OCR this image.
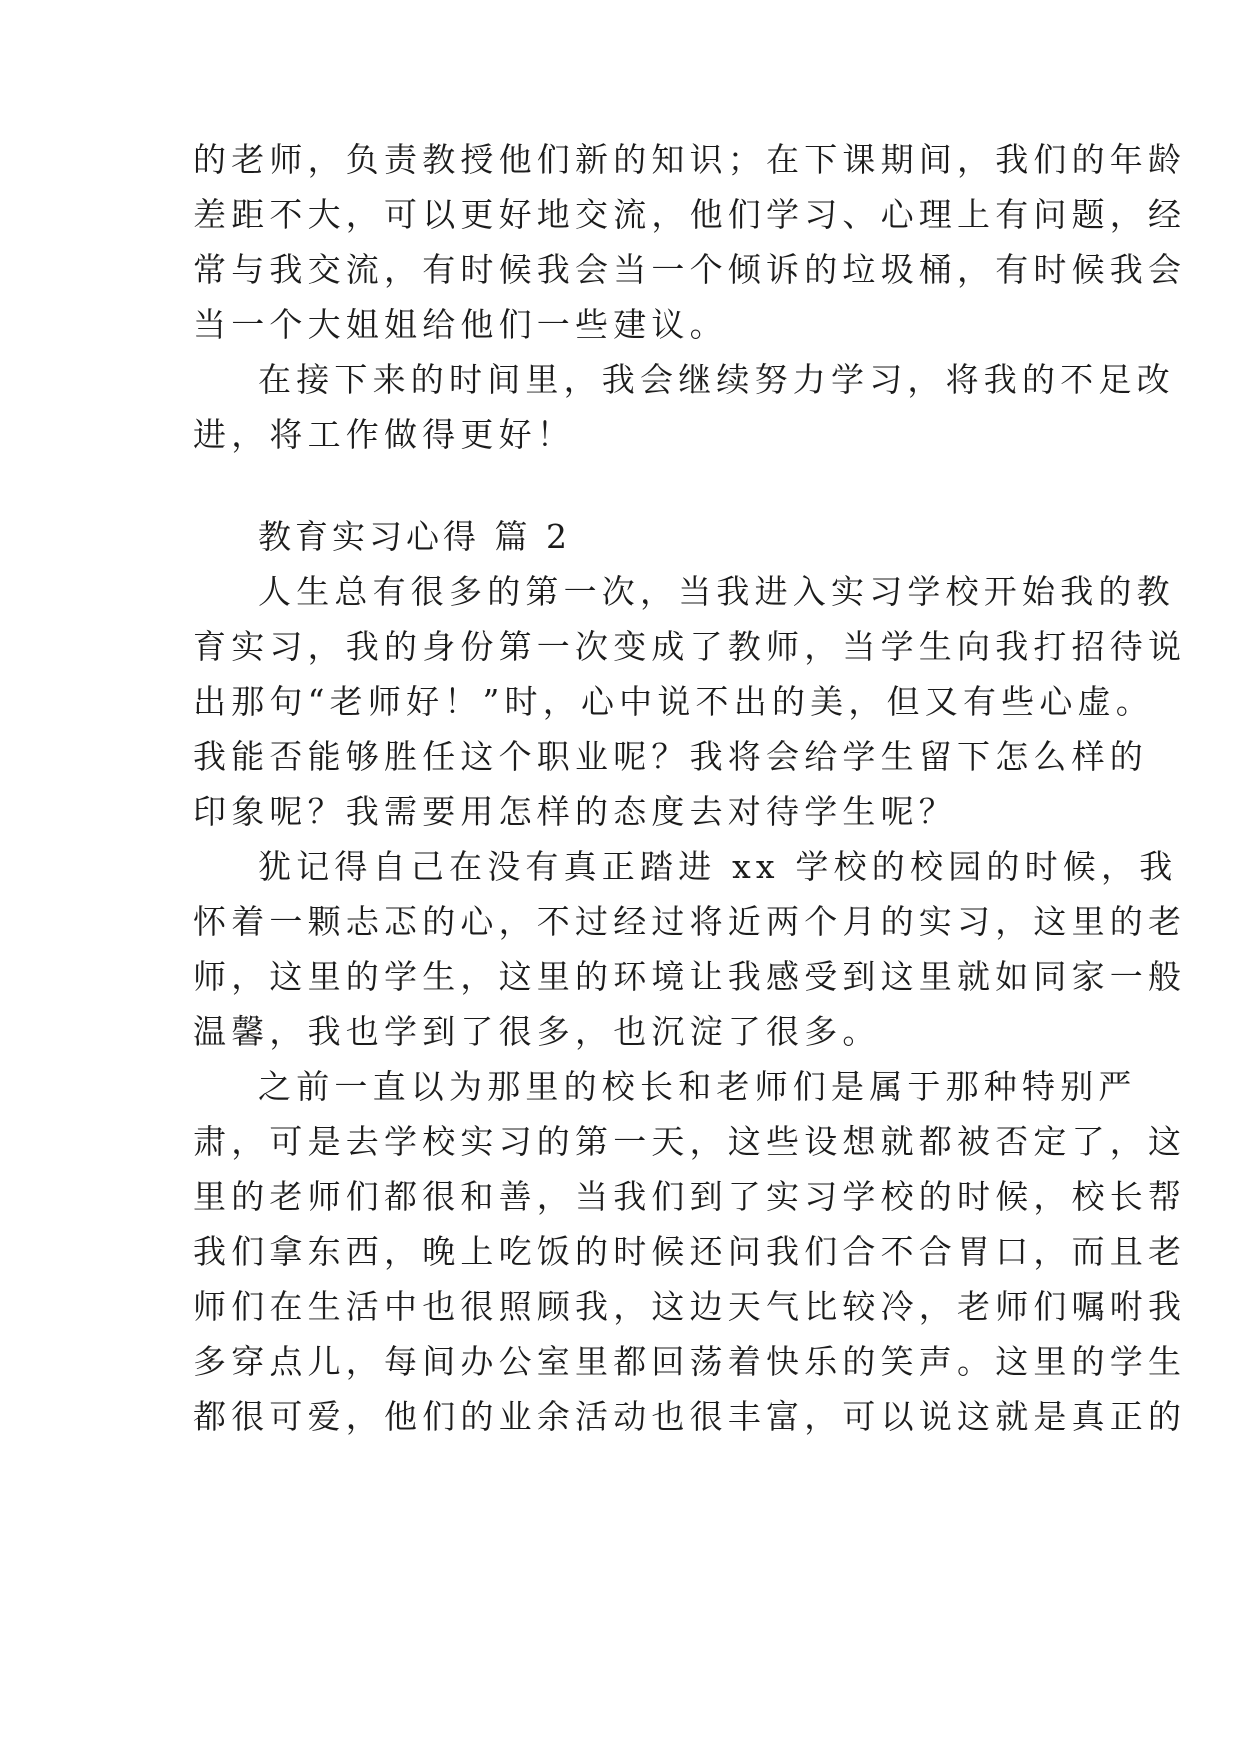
的老师，负责教授他们新的知识；在下课期间，我们的年龄
差距不大，可以更好地交流，他们学习、心理上有问题，经
常与我交流，有时候我会当一个倾诉的垃圾桶，有时候我会
当一个大姐姐给他们一些建议。
在接下来的时间里，我会继续努力学习，将我的不足改
进，将工作做得更好！
教育实习心得 篇 2
人生总有很多的第一次，当我进入实习学校开始我的教
育实习，我的身份第一次变成了教师，当学生向我打招待说
出那句“老师好！”时，心中说不出的美，但又有些心虚。
我能否能够胜任这个职业呢？我将会给学生留下怎么样的
印象呢？我需要用怎样的态度去对待学生呢？
犹记得自己在没有真正踏进 xx 学校的校园的时候，我
怀着一颗忐忑的心，不过经过将近两个月的实习，这里的老
师，这里的学生，这里的环境让我感受到这里就如同家一般
温馨，我也学到了很多，也沉淀了很多。
之前一直以为那里的校长和老师们是属于那种特别严
肃，可是去学校实习的第一天，这些设想就都被否定了，这
里的老师们都很和善，当我们到了实习学校的时候，校长帮
我们拿东西，晚上吃饭的时候还问我们合不合胃口，而且老
师们在生活中也很照顾我，这边天气比较冷，老师们嘱咐我
多穿点儿，每间办公室里都回荡着快乐的笑声。这里的学生
都很可爱，他们的业余活动也很丰富，可以说这就是真正的
